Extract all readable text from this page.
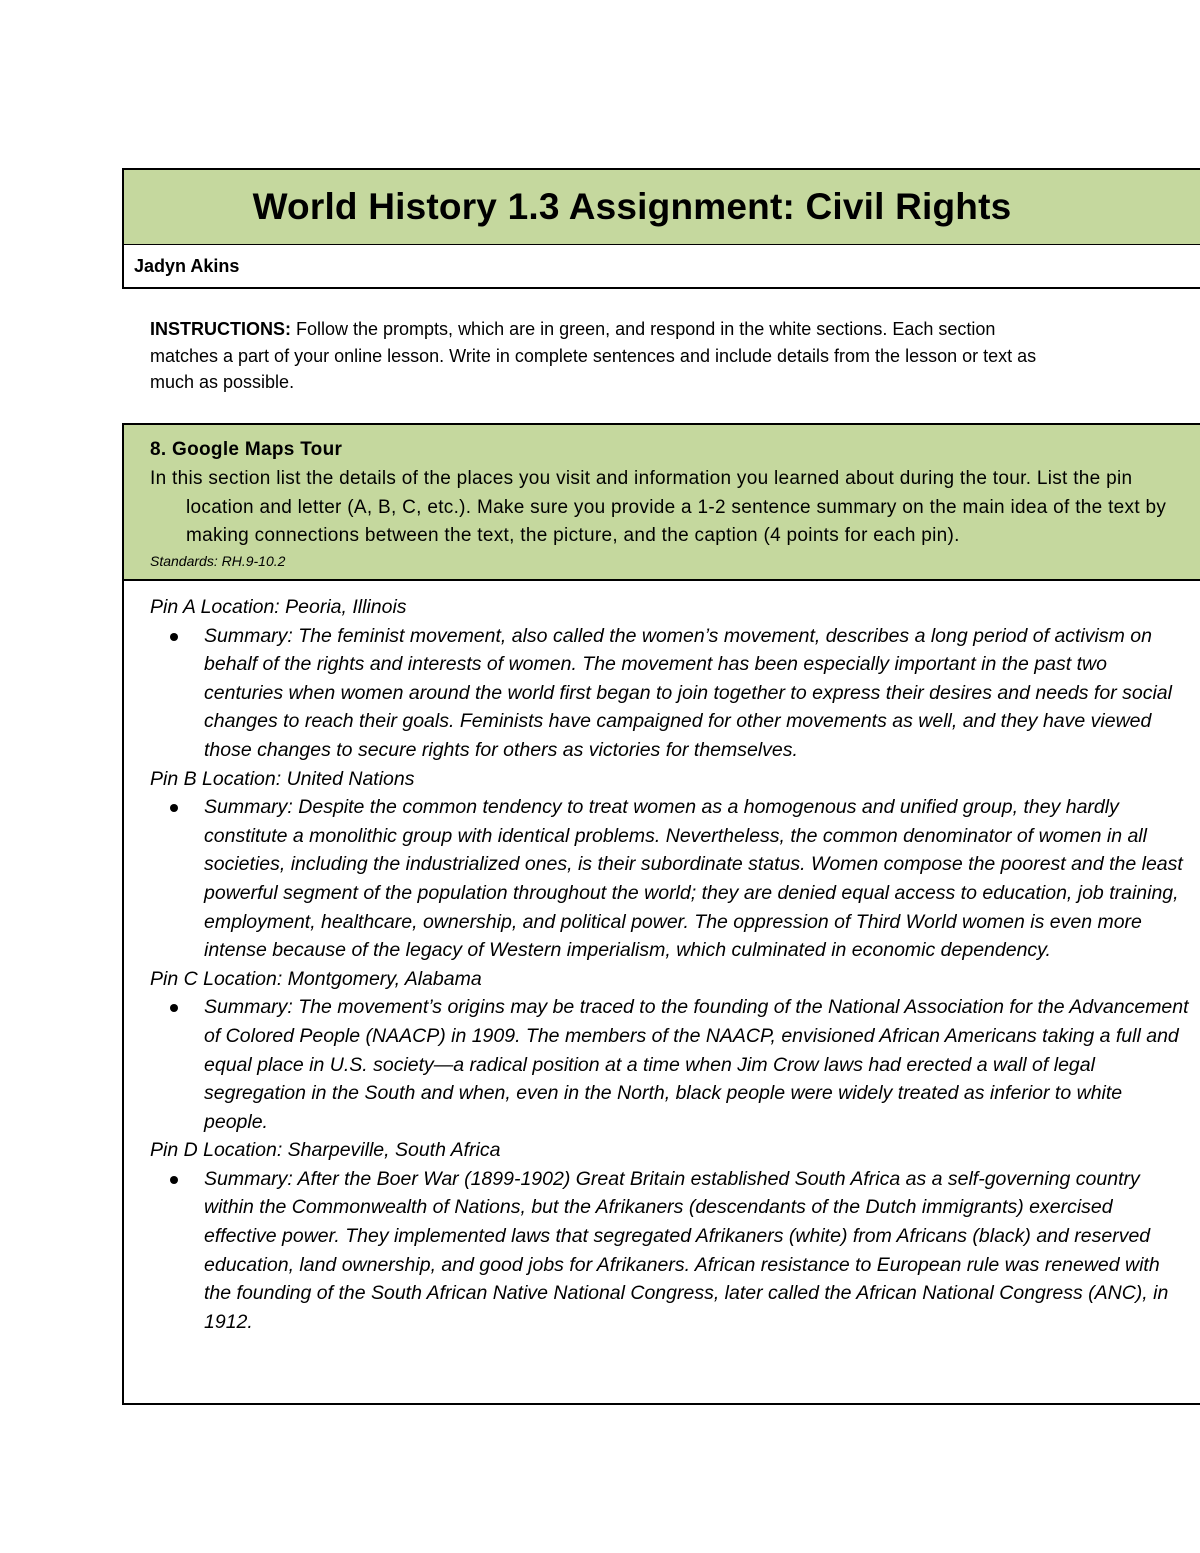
World History 1.3 Assignment: Civil Rights
Jadyn Akins
INSTRUCTIONS: Follow the prompts, which are in green, and respond in the white sections. Each section matches a part of your online lesson. Write in complete sentences and include details from the lesson or text as much as possible.
8. Google Maps Tour
In this section list the details of the places you visit and information you learned about during the tour. List the pin location and letter (A, B, C, etc.). Make sure you provide a 1-2 sentence summary on the main idea of the text by making connections between the text, the picture, and the caption (4 points for each pin).
Standards: RH.9-10.2

Pin A Location: Peoria, Illinois

Summary: The feminist movement, also called the women’s movement, describes a long period of activism on behalf of the rights and interests of women. The movement has been especially important in the past two centuries when women around the world first began to join together to express their desires and needs for social changes to reach their goals. Feminists have campaigned for other movements as well, and they have viewed those changes to secure rights for others as victories for themselves.

Pin B Location: United Nations

Summary: Despite the common tendency to treat women as a homogenous and unified group, they hardly constitute a monolithic group with identical problems. Nevertheless, the common denominator of women in all societies, including the industrialized ones, is their subordinate status. Women compose the poorest and the least powerful segment of the population throughout the world; they are denied equal access to education, job training, employment, healthcare, ownership, and political power. The oppression of Third World women is even more intense because of the legacy of Western imperialism, which culminated in economic dependency.

Pin C Location: Montgomery, Alabama

Summary: The movement’s origins may be traced to the founding of the National Association for the Advancement of Colored People (NAACP) in 1909. The members of the NAACP, envisioned African Americans taking a full and equal place in U.S. society—a radical position at a time when Jim Crow laws had erected a wall of legal segregation in the South and when, even in the North, black people were widely treated as inferior to white people.

Pin D Location: Sharpeville, South Africa

Summary: After the Boer War (1899-1902) Great Britain established South Africa as a self-governing country within the Commonwealth of Nations, but the Afrikaners (descendants of the Dutch immigrants) exercised effective power. They implemented laws that segregated Afrikaners (white) from Africans (black) and reserved education, land ownership, and good jobs for Afrikaners. African resistance to European rule was renewed with the founding of the South African Native National Congress, later called the African National Congress (ANC), in 1912.
